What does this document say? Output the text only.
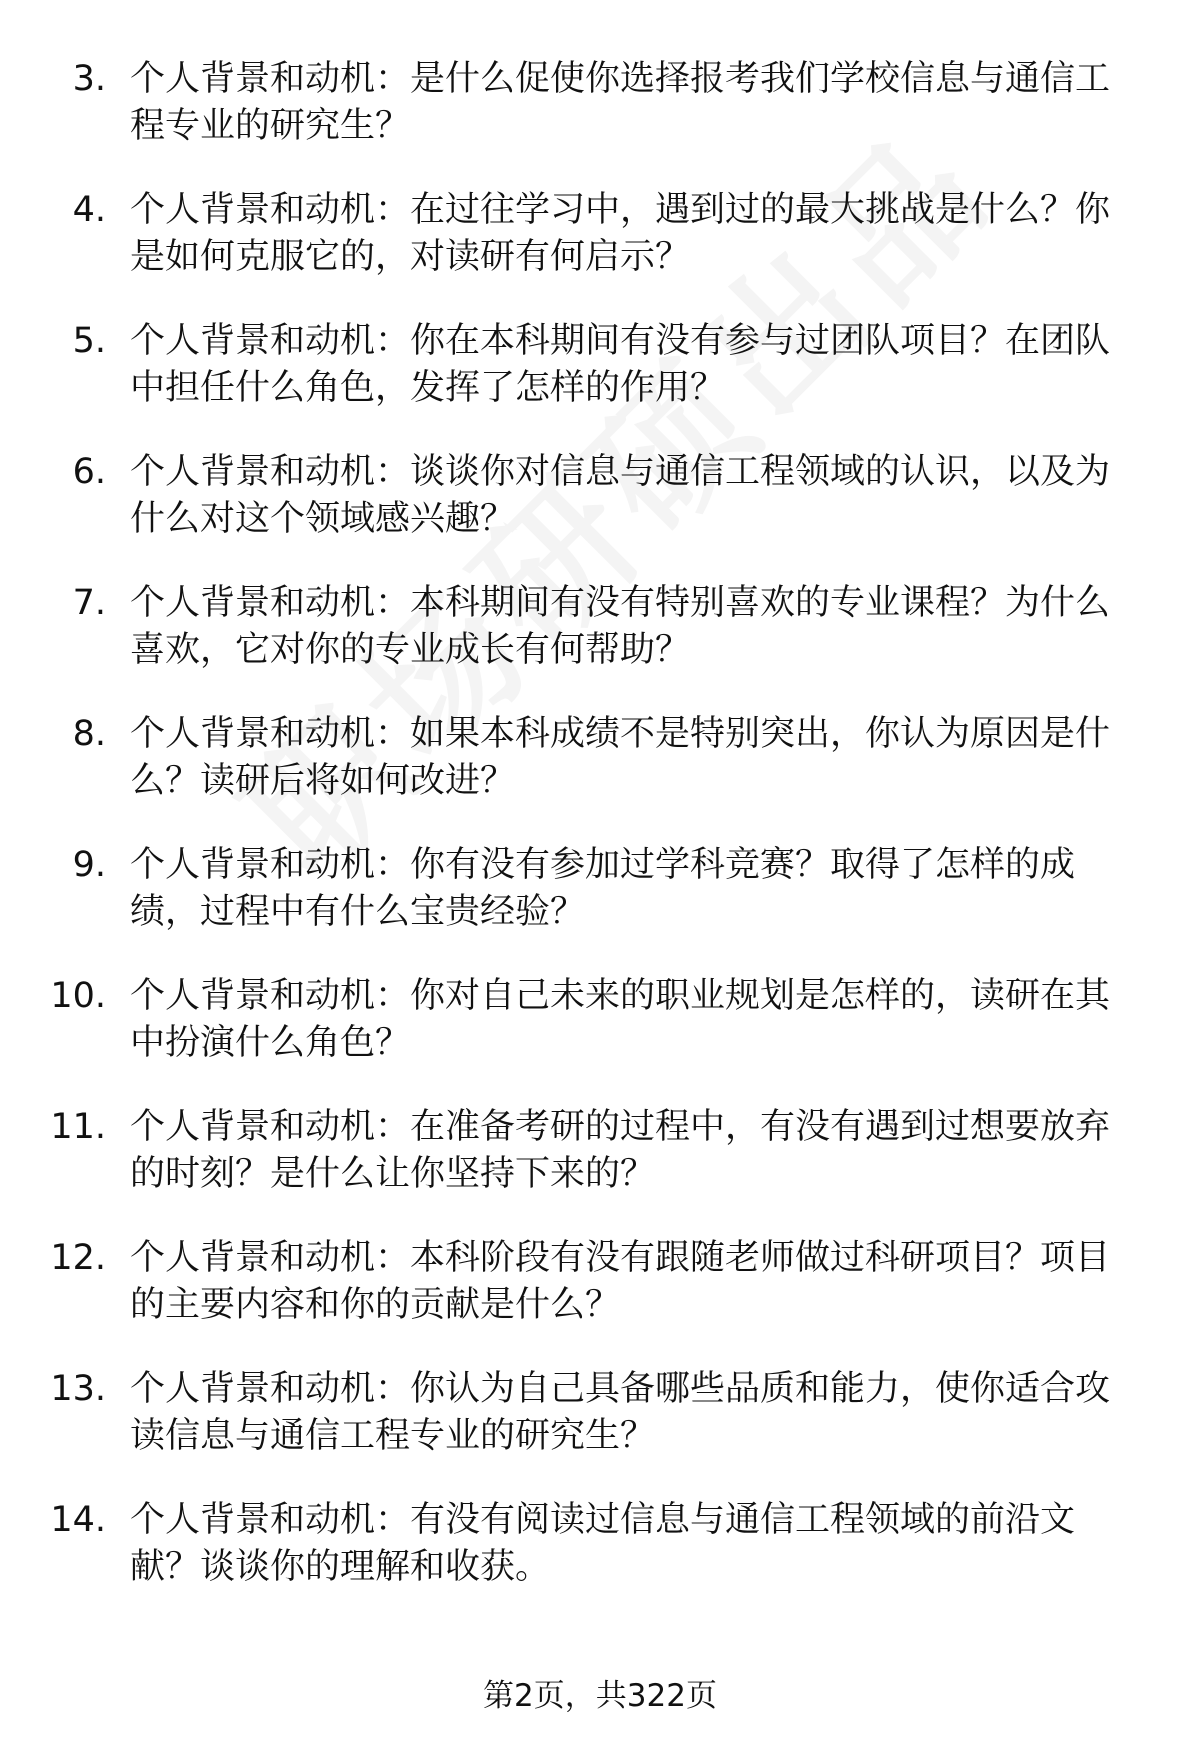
3. 个人背景和动机：是什么促使你选择报考我们学校信息与通信工程专业的研究生？
4. 个人背景和动机：在过往学习中，遇到过的最大挑战是什么？你是如何克服它的，对读研有何启示？
5. 个人背景和动机：你在本科期间有没有参与过团队项目？在团队中担任什么角色，发挥了怎样的作用？
6. 个人背景和动机：谈谈你对信息与通信工程领域的认识，以及为什么对这个领域感兴趣？
7. 个人背景和动机：本科期间有没有特别喜欢的专业课程？为什么喜欢，它对你的专业成长有何帮助？
8. 个人背景和动机：如果本科成绩不是特别突出，你认为原因是什么？读研后将如何改进？
9. 个人背景和动机：你有没有参加过学科竞赛？取得了怎样的成绩，过程中有什么宝贵经验？
10. 个人背景和动机：你对自己未来的职业规划是怎样的，读研在其中扮演什么角色？
11. 个人背景和动机：在准备考研的过程中，有没有遇到过想要放弃的时刻？是什么让你坚持下来的？
12. 个人背景和动机：本科阶段有没有跟随老师做过科研项目？项目的主要内容和你的贡献是什么？
13. 个人背景和动机：你认为自己具备哪些品质和能力，使你适合攻读信息与通信工程专业的研究生？
14. 个人背景和动机：有没有阅读过信息与通信工程领域的前沿文献？谈谈你的理解和收获。
第2页，共322页
